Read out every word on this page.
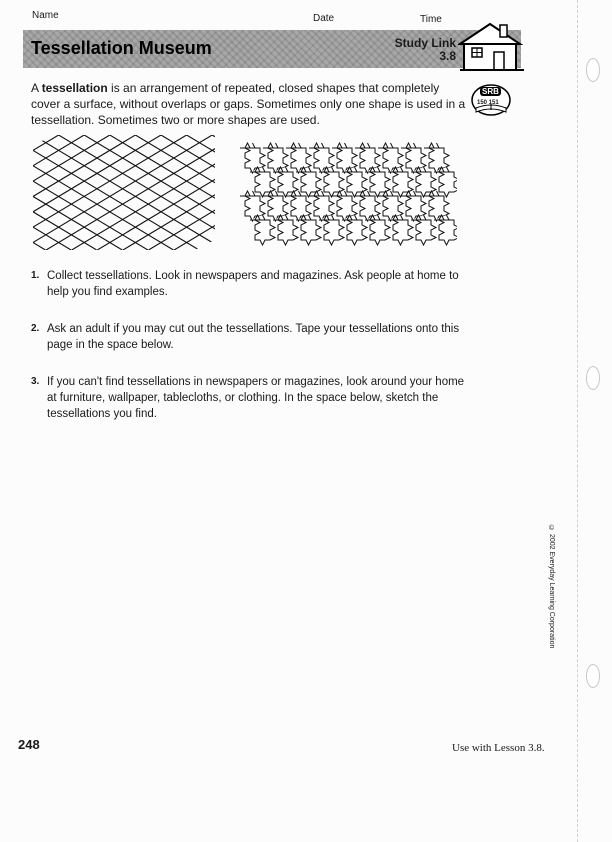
Name	Date	Time
Tessellation Museum	Study Link
3.8
SRB
150 151
A tessellation is an arrangement of repeated, closed shapes that completely cover a surface, without overlaps or gaps. Sometimes only one shape is used in a tessellation. Sometimes two or more shapes are used.
1. Collect tessellations. Look in newspapers and magazines. Ask people at home to help you find examples.
2. Ask an adult if you may cut out the tessellations. Tape your tessellations onto this page in the space below.
3. If you can't find tessellations in newspapers or magazines, look around your home at furniture, wallpaper, tablecloths, or clothing. In the space below, sketch the tessellations you find.
© 2002 Everyday Learning Corporation
248	Use with Lesson 3.8.
